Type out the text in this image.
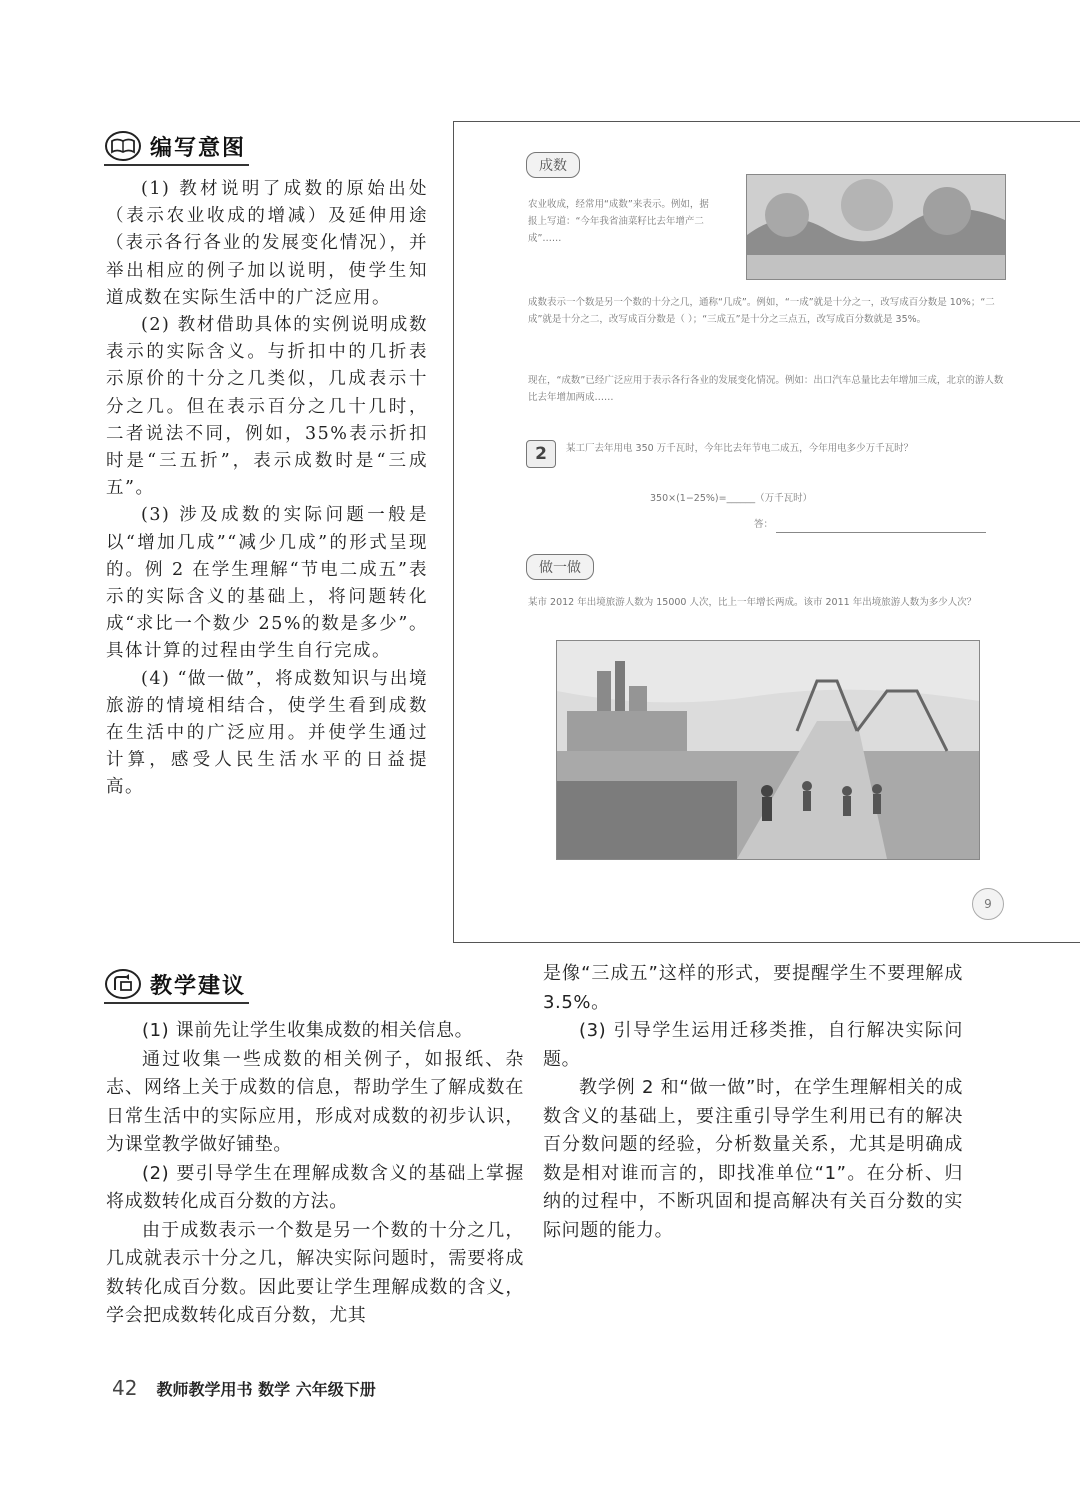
编写意图

(1) 教材说明了成数的原始出处（表示农业收成的增减）及延伸用途（表示各行各业的发展变化情况），并举出相应的例子加以说明，使学生知道成数在实际生活中的广泛应用。

(2) 教材借助具体的实例说明成数表示的实际含义。与折扣中的几折表示原价的十分之几类似，几成表示十分之几。但在表示百分之几十几时，二者说法不同，例如，35%表示折扣时是“三五折”，表示成数时是“三成五”。

(3) 涉及成数的实际问题一般是以“增加几成”“减少几成”的形式呈现的。例 2 在学生理解“节电二成五”表示的实际含义的基础上，将问题转化成“求比一个数少 25%的数是多少”。具体计算的过程由学生自行完成。

(4) “做一做”，将成数知识与出境旅游的情境相结合，使学生看到成数在生活中的广泛应用。并使学生通过计算，感受人民生活水平的日益提高。

成数

农业收成，经常用“成数”来表示。例如，据报上写道：“今年我省油菜籽比去年增产二成”……

成数表示一个数是另一个数的十分之几，通称“几成”。例如，“一成”就是十分之一，改写成百分数是 10%；“二成”就是十分之二，改写成百分数是（ ）；“三成五”是十分之三点五，改写成百分数就是 35%。

现在，“成数”已经广泛应用于表示各行各业的发展变化情况。例如：出口汽车总量比去年增加三成，北京的游人数比去年增加两成……

2	某工厂去年用电 350 万千瓦时，今年比去年节电二成五，今年用电多少万千瓦时？

350×(1−25%)=______（万千瓦时）

答：
做一做

某市 2012 年出境旅游人数为 15000 人次，比上一年增长两成。该市 2011 年出境旅游人数为多少人次？

9
教学建议

(1) 课前先让学生收集成数的相关信息。

通过收集一些成数的相关例子，如报纸、杂志、网络上关于成数的信息，帮助学生了解成数在日常生活中的实际应用，形成对成数的初步认识，为课堂教学做好铺垫。

(2) 要引导学生在理解成数含义的基础上掌握将成数转化成百分数的方法。

由于成数表示一个数是另一个数的十分之几，几成就表示十分之几，解决实际问题时，需要将成数转化成百分数。因此要让学生理解成数的含义，学会把成数转化成百分数，尤其

是像“三成五”这样的形式，要提醒学生不要理解成 3.5%。

(3) 引导学生运用迁移类推，自行解决实际问题。

教学例 2 和“做一做”时，在学生理解相关的成数含义的基础上，要注重引导学生利用已有的解决百分数问题的经验，分析数量关系，尤其是明确成数是相对谁而言的，即找准单位“1”。在分析、归纳的过程中，不断巩固和提高解决有关百分数的实际问题的能力。

42 教师教学用书 数学 六年级下册
